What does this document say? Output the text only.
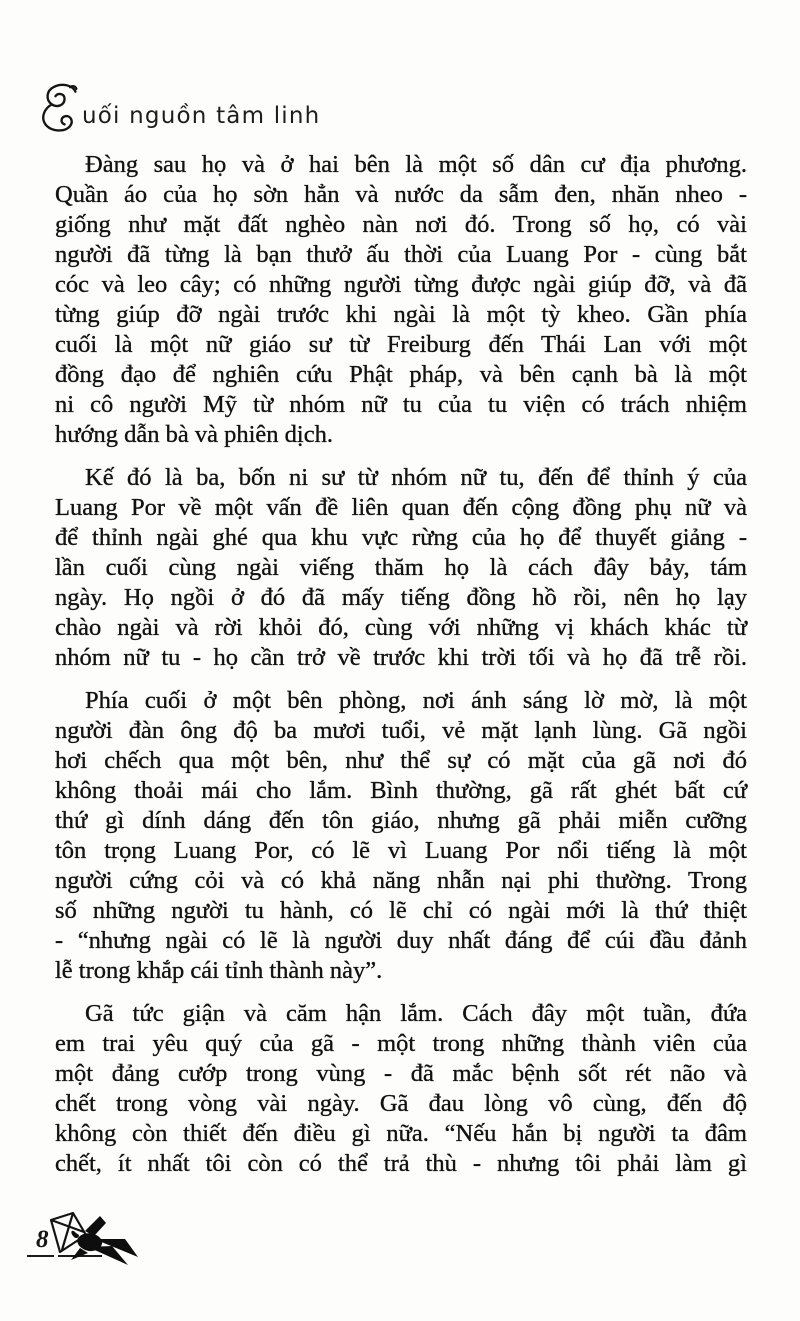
uối nguồn tâm linh
Đàng sau họ và ở hai bên là một số dân cư địa phương.
Quần áo của họ sờn hẳn và nước da sẫm đen, nhăn nheo -
giống như mặt đất nghèo nàn nơi đó. Trong số họ, có vài
người đã từng là bạn thưở ấu thời của Luang Por - cùng bắt
cóc và leo cây; có những người từng được ngài giúp đỡ, và đã
từng giúp đỡ ngài trước khi ngài là một tỳ kheo. Gần phía
cuối là một nữ giáo sư từ Freiburg đến Thái Lan với một
đồng đạo để nghiên cứu Phật pháp, và bên cạnh bà là một
ni cô người Mỹ từ nhóm nữ tu của tu viện có trách nhiệm
hướng dẫn bà và phiên dịch.
Kế đó là ba, bốn ni sư từ nhóm nữ tu, đến để thỉnh ý của
Luang Por về một vấn đề liên quan đến cộng đồng phụ nữ và
để thỉnh ngài ghé qua khu vực rừng của họ để thuyết giảng -
lần cuối cùng ngài viếng thăm họ là cách đây bảy, tám
ngày. Họ ngồi ở đó đã mấy tiếng đồng hồ rồi, nên họ lạy
chào ngài và rời khỏi đó, cùng với những vị khách khác từ
nhóm nữ tu - họ cần trở về trước khi trời tối và họ đã trễ rồi.
Phía cuối ở một bên phòng, nơi ánh sáng lờ mờ, là một
người đàn ông độ ba mươi tuổi, vẻ mặt lạnh lùng. Gã ngồi
hơi chếch qua một bên, như thể sự có mặt của gã nơi đó
không thoải mái cho lắm. Bình thường, gã rất ghét bất cứ
thứ gì dính dáng đến tôn giáo, nhưng gã phải miễn cưỡng
tôn trọng Luang Por, có lẽ vì Luang Por nổi tiếng là một
người cứng cỏi và có khả năng nhẫn nại phi thường. Trong
số những người tu hành, có lẽ chỉ có ngài mới là thứ thiệt
- “nhưng ngài có lẽ là người duy nhất đáng để cúi đầu đảnh
lễ trong khắp cái tỉnh thành này”.
Gã tức giận và căm hận lắm. Cách đây một tuần, đứa
em trai yêu quý của gã - một trong những thành viên của
một đảng cướp trong vùng - đã mắc bệnh sốt rét não và
chết trong vòng vài ngày. Gã đau lòng vô cùng, đến độ
không còn thiết đến điều gì nữa. “Nếu hắn bị người ta đâm
chết, ít nhất tôi còn có thể trả thù - nhưng tôi phải làm gì
8
